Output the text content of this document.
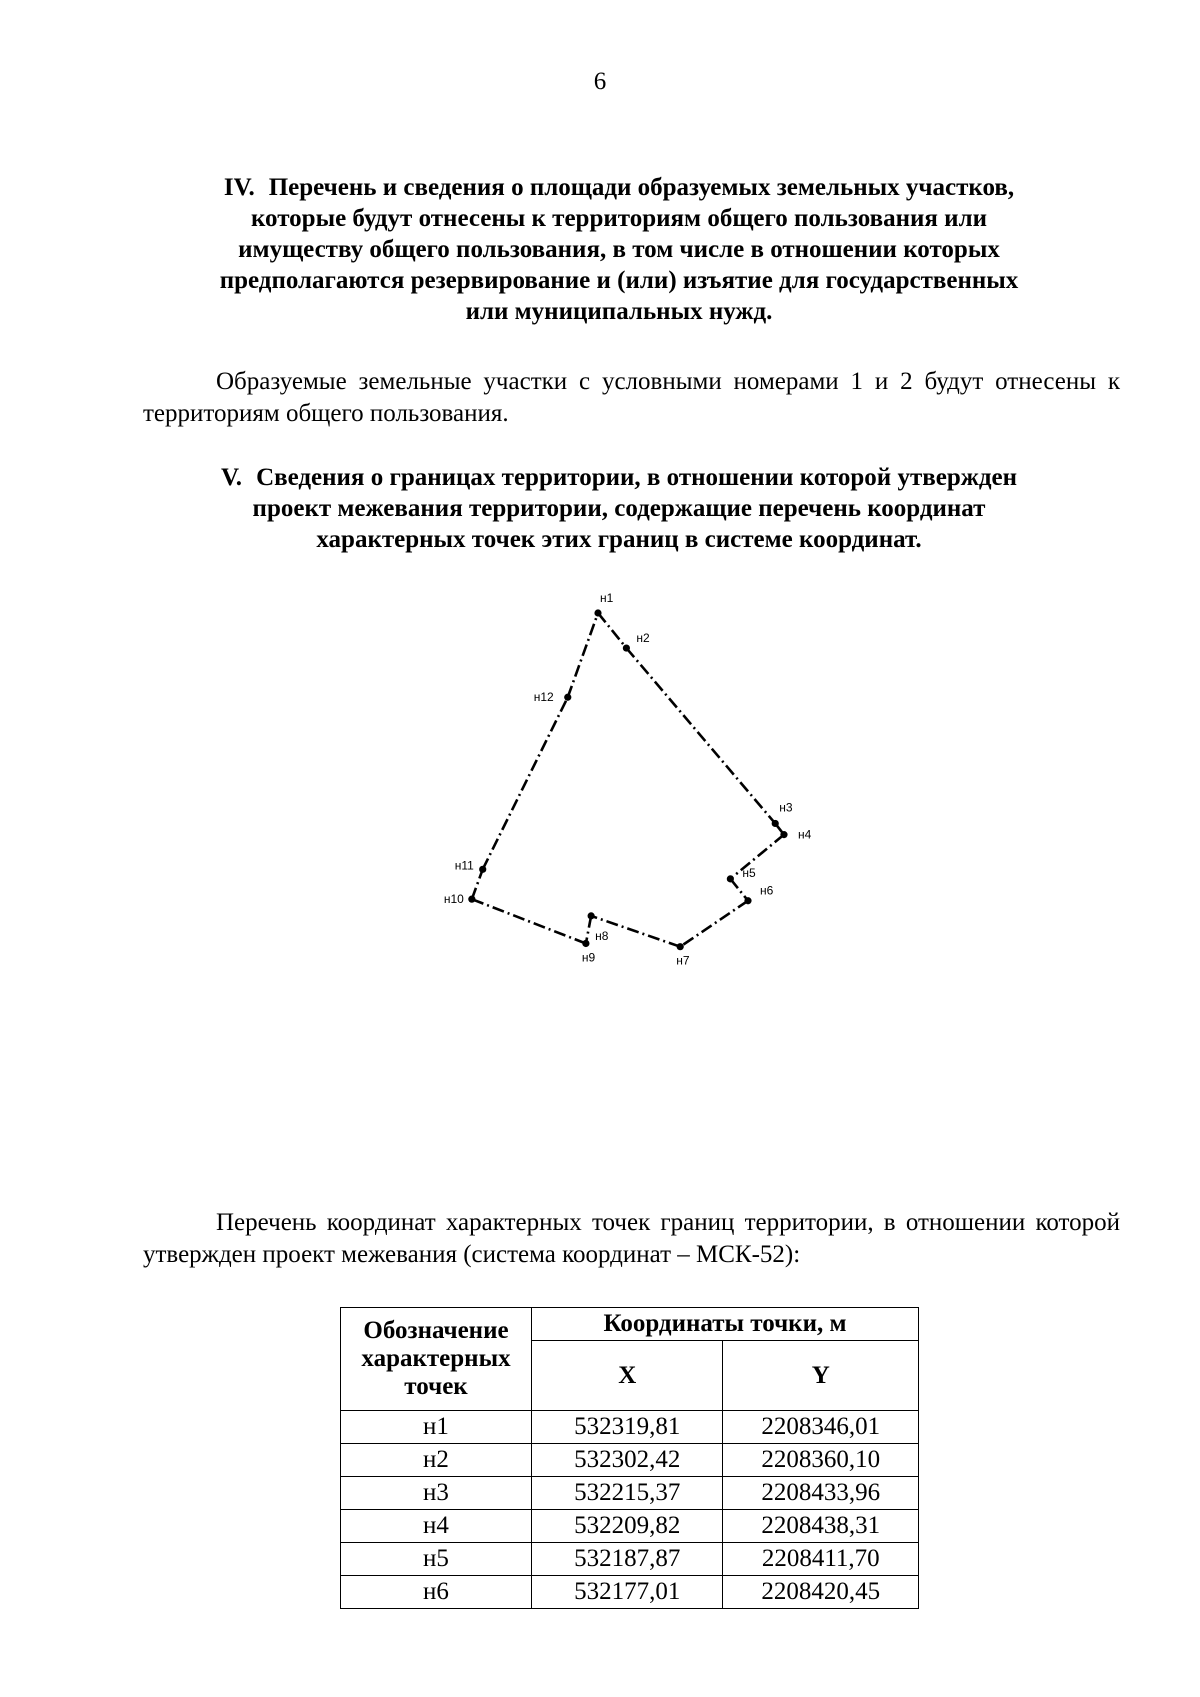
6
IV. Перечень и сведения о площади образуемых земельных участков,
которые будут отнесены к территориям общего пользования или
имуществу общего пользования, в том числе в отношении которых
предполагаются резервирование и (или) изъятие для государственных
или муниципальных нужд.
Образуемые земельные участки с условными номерами 1 и 2 будут отнесены к территориям общего пользования.
V. Сведения о границах территории, в отношении которой утвержден
проект межевания территории, содержащие перечень координат
характерных точек этих границ в системе координат.
н1
н2
н3
н4
н5
н6
н7
н8
н9
н10
н11
н12
Перечень координат характерных точек границ территории, в отношении которой утвержден проект межевания (система координат – МСК-52):
Обозначение
характерных
точек	Координаты точки, м	
	X	Y
н1	532319,81	2208346,01
н2	532302,42	2208360,10
н3	532215,37	2208433,96
н4	532209,82	2208438,31
н5	532187,87	2208411,70
н6	532177,01	2208420,45
